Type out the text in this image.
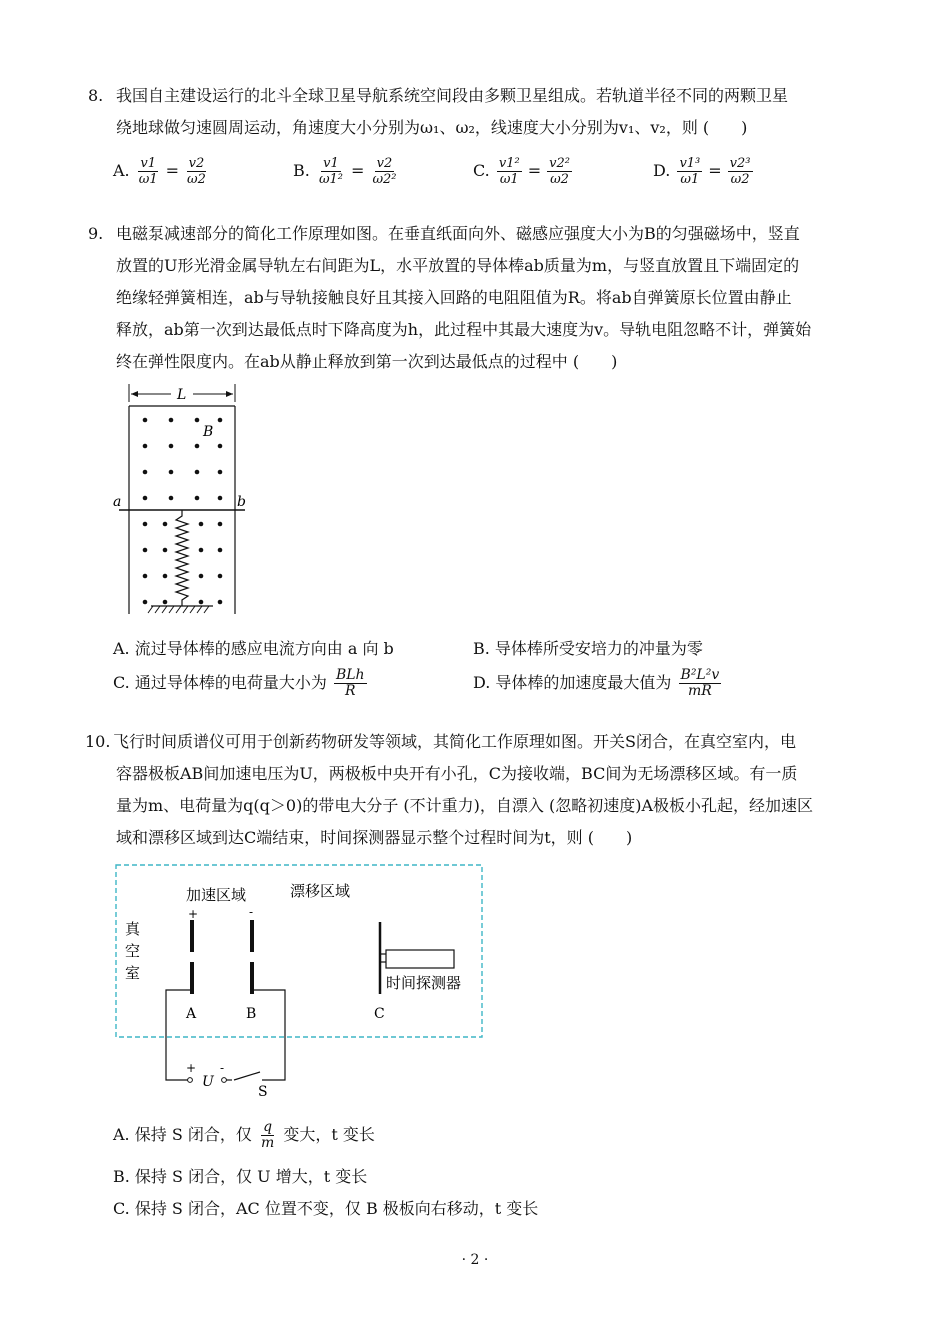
8. 我国自主建设运行的北斗全球卫星导航系统空间段由多颗卫星组成。若轨道半径不同的两颗卫星
绕地球做匀速圆周运动，角速度大小分别为ω₁、ω₂，线速度大小分别为v₁、v₂，则 (　　)
A. $\frac{v1}{\omega 1} = \frac{v2}{\omega 2}$	B. $\frac{v1}{\text{ω1²}} = \frac{v2}{\text{ω2²}}$	C. $\frac{\text{v1²}}{\omega 1} = \frac{\text{v2²}}{\omega 2}$	D. $\frac{\text{v1³}}{\omega 1} = \frac{\text{v2³}}{\omega 2}$
9. 电磁泵减速部分的简化工作原理如图。在垂直纸面向外、磁感应强度大小为B的匀强磁场中，竖直
放置的U形光滑金属导轨左右间距为L，水平放置的导体棒ab质量为m，与竖直放置且下端固定的
绝缘轻弹簧相连，ab与导轨接触良好且其接入回路的电阻阻值为R。将ab自弹簧原长位置由静止
释放，ab第一次到达最低点时下降高度为h，此过程中其最大速度为v。导轨电阻忽略不计，弹簧始
终在弹性限度内。在ab从静止释放到第一次到达最低点的过程中 (　　)
L
B
a	b
A. 流过导体棒的感应电流方向由 a 向 b	B. 导体棒所受安培力的冲量为零
C. 通过导体棒的电荷量大小为 $\frac{\text{BLh}}{R}$	D. 导体棒的加速度最大值为 $\frac{\text{B²L²v}}{mR}$
10. 飞行时间质谱仪可用于创新药物研发等领域，其简化工作原理如图。开关S闭合，在真空室内，电
容器极板AB间加速电压为U，两极板中央开有小孔，C为接收端，BC间为无场漂移区域。有一质
量为m、电荷量为q(q＞0)的带电大分子 (不计重力)，自漂入 (忽略初速度)A极板小孔起，经加速区
域和漂移区域到达C端结束，时间探测器显示整个过程时间为t，则 (　　)
加速区域	漂移区域
真
空
室
+
A
-
B
时间探测器
C
+ -
U
S
A. 保持 S 闭合，仅 $\frac{q}{m}$ 变大，t 变长
B. 保持 S 闭合，仅 U 增大，t 变长
C. 保持 S 闭合，AC 位置不变，仅 B 极板向右移动，t 变长
· 2 ·
